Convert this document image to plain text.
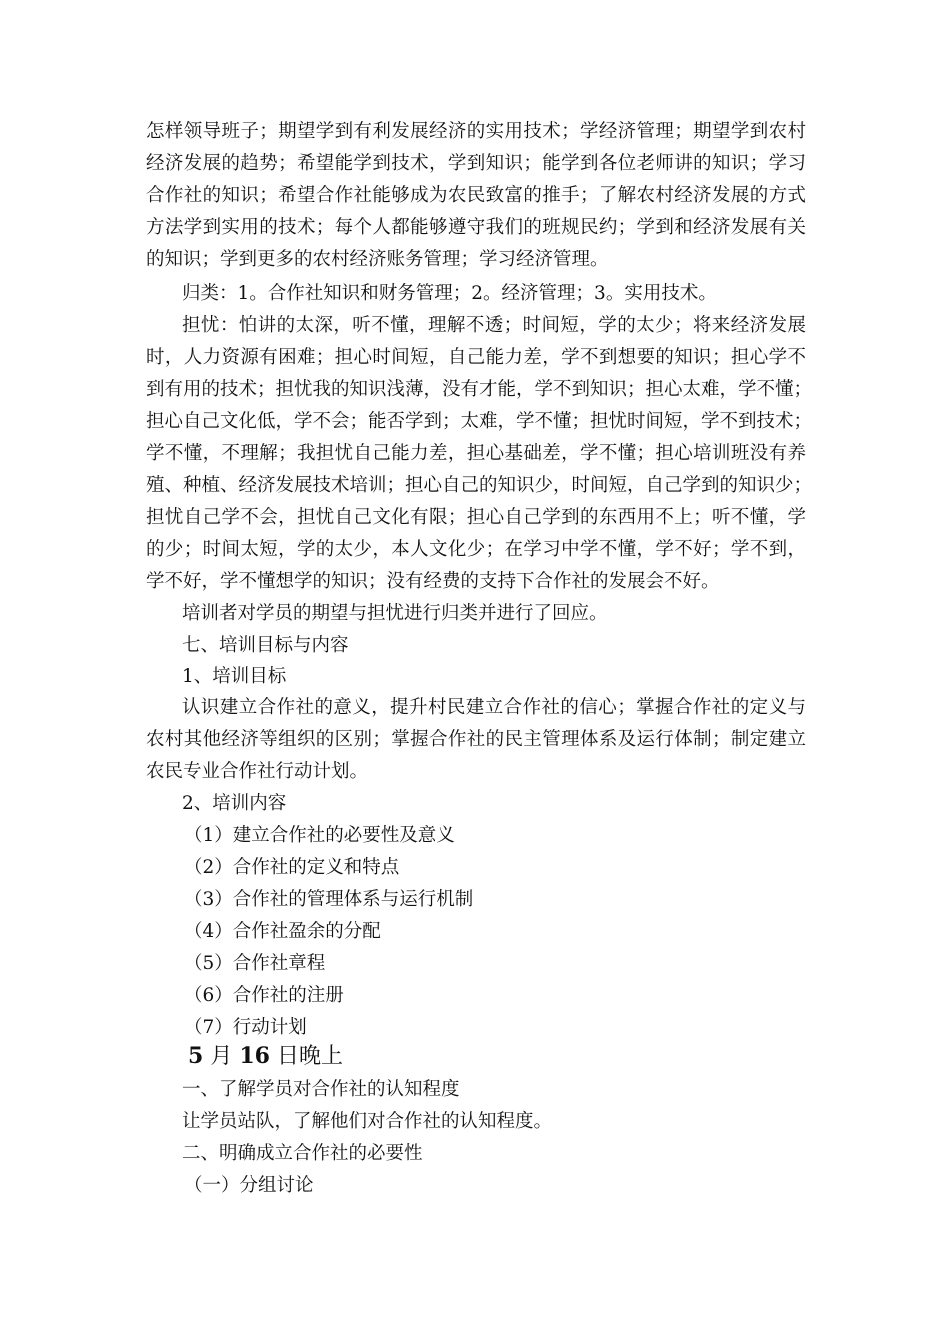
怎样领导班子；期望学到有利发展经济的实用技术；学经济管理；期望学到农村
经济发展的趋势；希望能学到技术，学到知识；能学到各位老师讲的知识；学习
合作社的知识；希望合作社能够成为农民致富的推手；了解农村经济发展的方式
方法学到实用的技术；每个人都能够遵守我们的班规民约；学到和经济发展有关
的知识；学到更多的农村经济账务管理；学习经济管理。
归类：1。合作社知识和财务管理；2。经济管理；3。实用技术。
担忧：怕讲的太深，听不懂，理解不透；时间短，学的太少；将来经济发展
时，人力资源有困难；担心时间短，自己能力差，学不到想要的知识；担心学不
到有用的技术；担忧我的知识浅薄，没有才能，学不到知识；担心太难，学不懂；
担心自己文化低，学不会；能否学到；太难，学不懂；担忧时间短，学不到技术；
学不懂，不理解；我担忧自己能力差，担心基础差，学不懂；担心培训班没有养
殖、种植、经济发展技术培训；担心自己的知识少，时间短，自己学到的知识少；
担忧自己学不会，担忧自己文化有限；担心自己学到的东西用不上；听不懂，学
的少；时间太短，学的太少，本人文化少；在学习中学不懂，学不好；学不到，
学不好，学不懂想学的知识；没有经费的支持下合作社的发展会不好。
培训者对学员的期望与担忧进行归类并进行了回应。
七、培训目标与内容
1、培训目标
认识建立合作社的意义，提升村民建立合作社的信心；掌握合作社的定义与
农村其他经济等组织的区别；掌握合作社的民主管理体系及运行体制；制定建立
农民专业合作社行动计划。
2、培训内容
（1）建立合作社的必要性及意义
（2）合作社的定义和特点
（3）合作社的管理体系与运行机制
（4）合作社盈余的分配
（5）合作社章程
（6）合作社的注册
（7）行动计划
5 月 16 日晚上
一、了解学员对合作社的认知程度
让学员站队，了解他们对合作社的认知程度。
二、明确成立合作社的必要性
（一）分组讨论
